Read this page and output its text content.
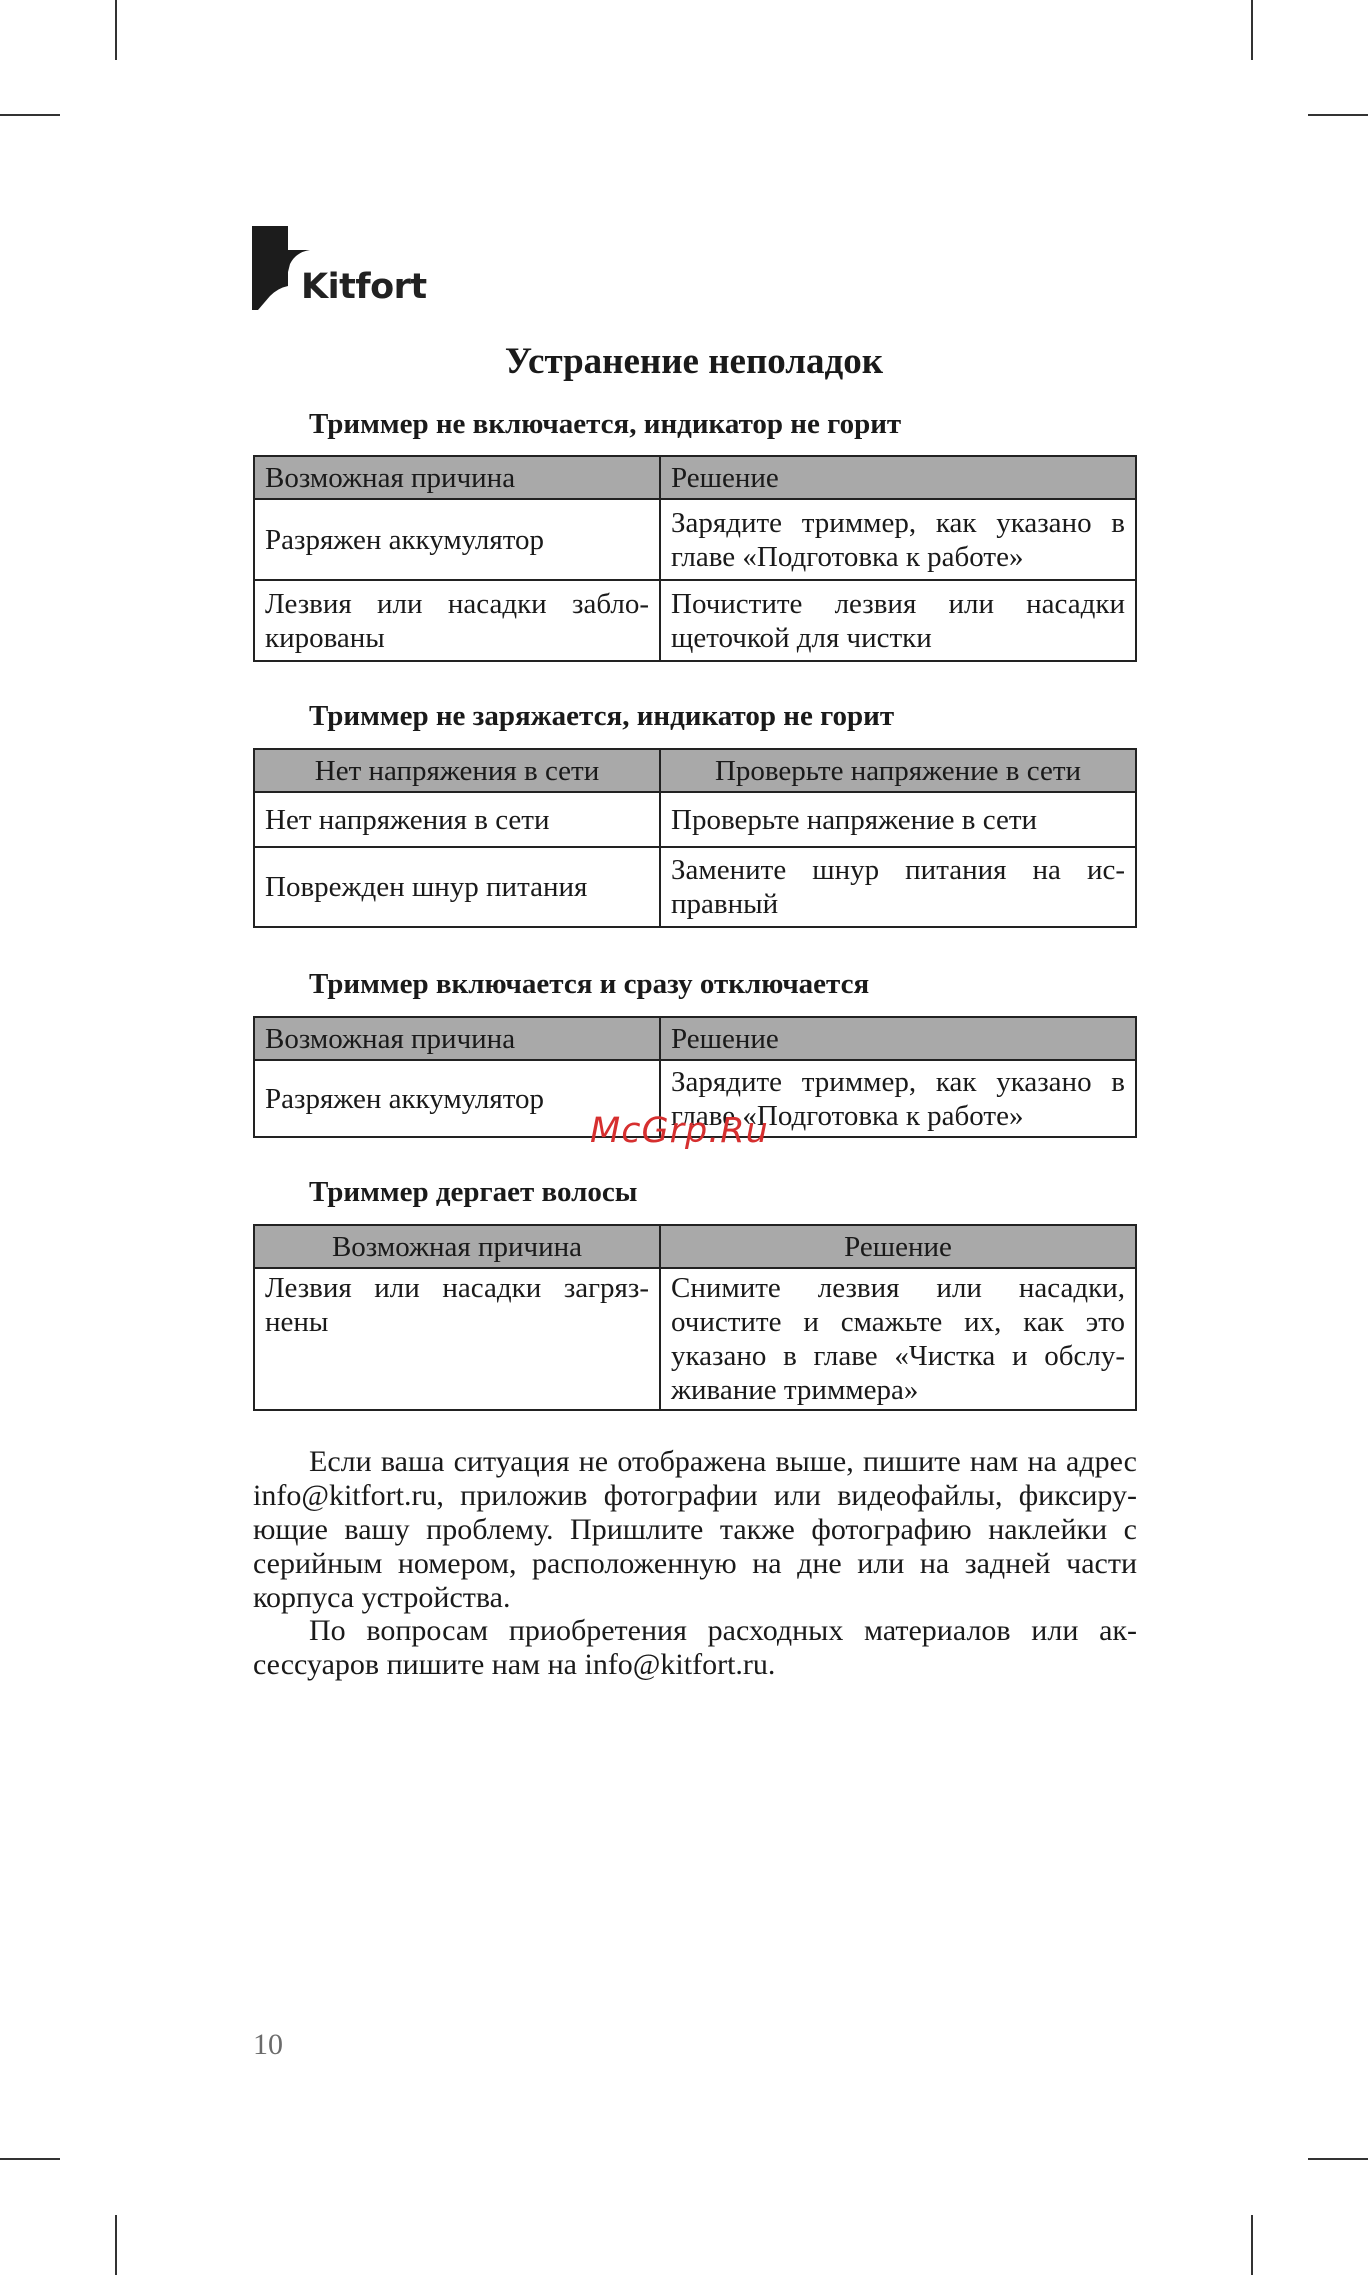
Kitfort
Устранение неполадок
Триммер не включается, индикатор не горит
Возможная причина	Решение
Разряжен аккумулятор	Зарядите триммер, как указано в главе «Подготовка к работе»
Лезвия или насадки забло-кированы	Почистите лезвия или насадки щеточкой для чистки
Триммер не заряжается, индикатор не горит
Нет напряжения в сети	Проверьте напряжение в сети
Нет напряжения в сети	Проверьте напряжение в сети
Поврежден шнур питания	Замените шнур питания на ис-правный
Триммер включается и сразу отключается
Возможная причина	Решение
Разряжен аккумулятор	Зарядите триммер, как указано в главе «Подготовка к работе»
Триммер дергает волосы
Возможная причина	Решение
Лезвия или насадки загряз-нены	Снимите лезвия или насадки, очистите и смажьте их, как это указано в главе «Чистка и обслу-живание триммера»

Если ваша ситуация не отображена выше, пишите нам на адрес info@kitfort.ru, приложив фотографии или видеофайлы, фиксиру-ющие вашу проблему. Пришлите также фотографию наклейки с серийным номером, расположенную на дне или на задней части корпуса устройства.

По вопросам приобретения расходных материалов или ак-сессуаров пишите нам на info@kitfort.ru.

McGrp.Ru
10
